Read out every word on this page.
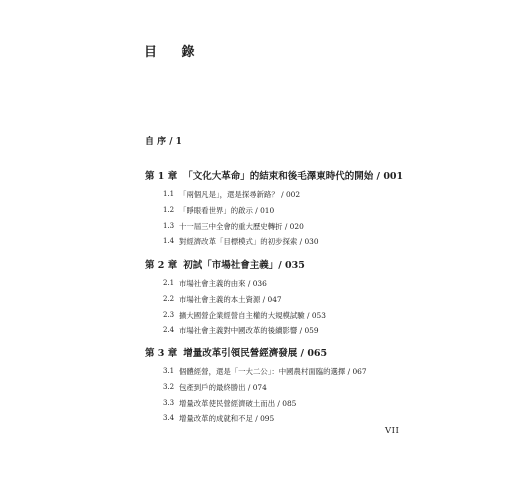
目 錄
自 序 / 1

第 1 章 「文化大革命」的結束和後毛澤東時代的開始 / 001

1.1 「兩個凡是」，還是探尋新路？ / 002
1.2 「睜眼看世界」的啟示 / 010
1.3 十一屆三中全會的重大歷史轉折 / 020
1.4 對經濟改革「目標模式」的初步探索 / 030

第 2 章 初試「市場社會主義」/ 035

2.1 市場社會主義的由來 / 036
2.2 市場社會主義的本土資源 / 047
2.3 擴大國營企業經營自主權的大規模試驗 / 053
2.4 市場社會主義對中國改革的後續影響 / 059

第 3 章 增量改革引領民營經濟發展 / 065

3.1 個體經營，還是「一大二公」：中國農村面臨的選擇 / 067
3.2 包產到戶的最終勝出 / 074
3.3 增量改革使民營經濟破土而出 / 085
3.4 增量改革的成就和不足 / 095
VII
